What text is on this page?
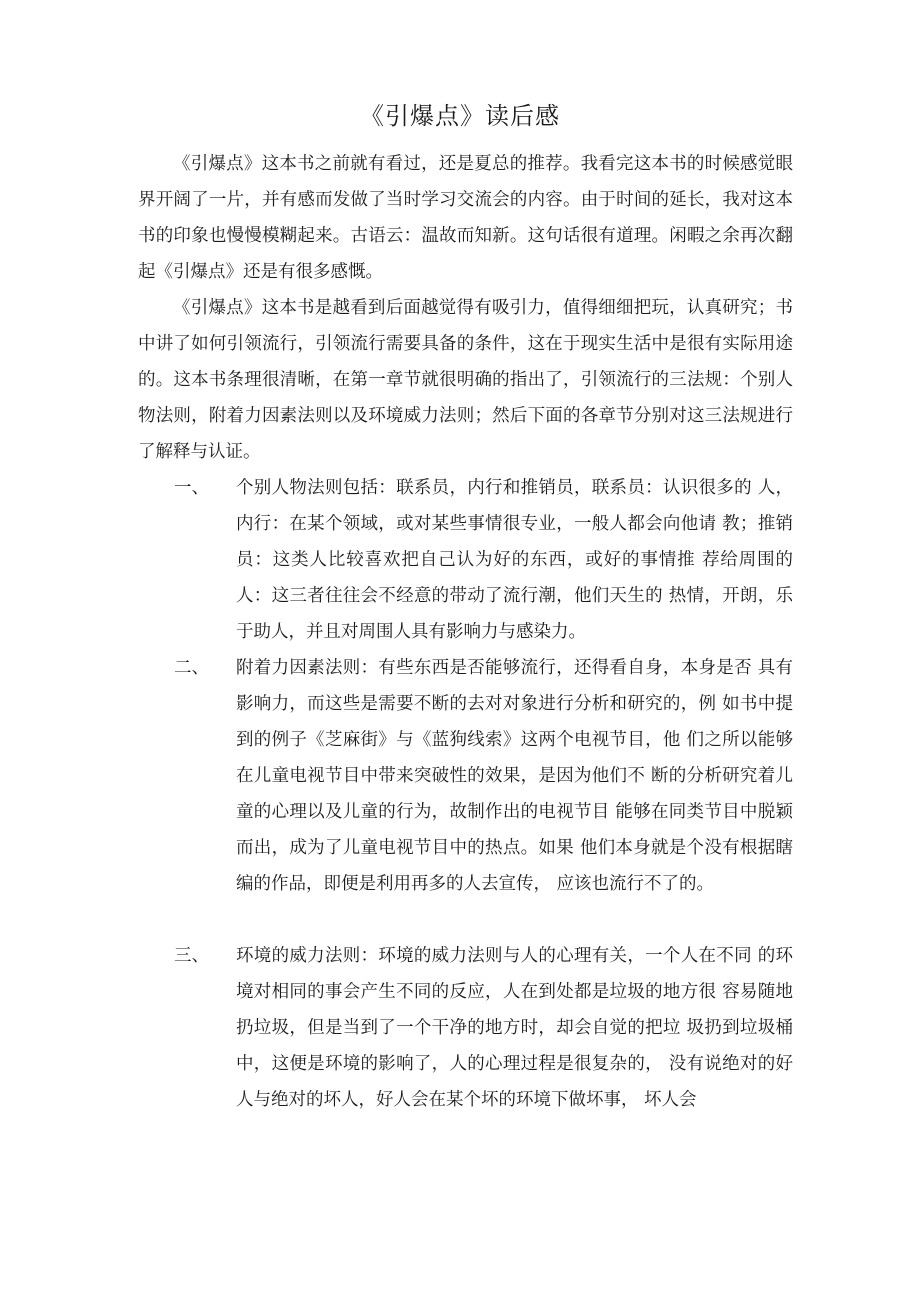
《引爆点》读后感

《引爆点》这本书之前就有看过，还是夏总的推荐。我看完这本书的时候感觉眼界开阔了一片，并有感而发做了当时学习交流会的内容。由于时间的延长，我对这本书的印象也慢慢模糊起来。古语云：温故而知新。这句话很有道理。闲暇之余再次翻起《引爆点》还是有很多感慨。

《引爆点》这本书是越看到后面越觉得有吸引力，值得细细把玩，认真研究；书中讲了如何引领流行，引领流行需要具备的条件，这在于现实生活中是很有实际用途的。这本书条理很清晰，在第一章节就很明确的指出了，引领流行的三法规：个别人物法则，附着力因素法则以及环境威力法则；然后下面的各章节分别对这三法规进行了解释与认证。

一、	个别人物法则包括：联系员，内行和推销员，联系员：认识很多的 人，内行：在某个领域，或对某些事情很专业，一般人都会向他请 教；推销员：这类人比较喜欢把自己认为好的东西，或好的事情推 荐给周围的人：这三者往往会不经意的带动了流行潮，他们天生的 热情，开朗，乐于助人，并且对周围人具有影响力与感染力。

二、	附着力因素法则：有些东西是否能够流行，还得看自身，本身是否 具有影响力，而这些是需要不断的去对对象进行分析和研究的，例 如书中提到的例子《芝麻街》与《蓝狗线索》这两个电视节目，他 们之所以能够在儿童电视节目中带来突破性的效果，是因为他们不 断的分析研究着儿童的心理以及儿童的行为，故制作出的电视节目 能够在同类节目中脱颖而出，成为了儿童电视节目中的热点。如果 他们本身就是个没有根据瞎编的作品，即便是利用再多的人去宣传， 应该也流行不了的。

三、	环境的威力法则：环境的威力法则与人的心理有关，一个人在不同 的环境对相同的事会产生不同的反应，人在到处都是垃圾的地方很 容易随地扔垃圾，但是当到了一个干净的地方时，却会自觉的把垃 圾扔到垃圾桶中，这便是环境的影响了，人的心理过程是很复杂的， 没有说绝对的好人与绝对的坏人，好人会在某个坏的环境下做坏事， 坏人会
